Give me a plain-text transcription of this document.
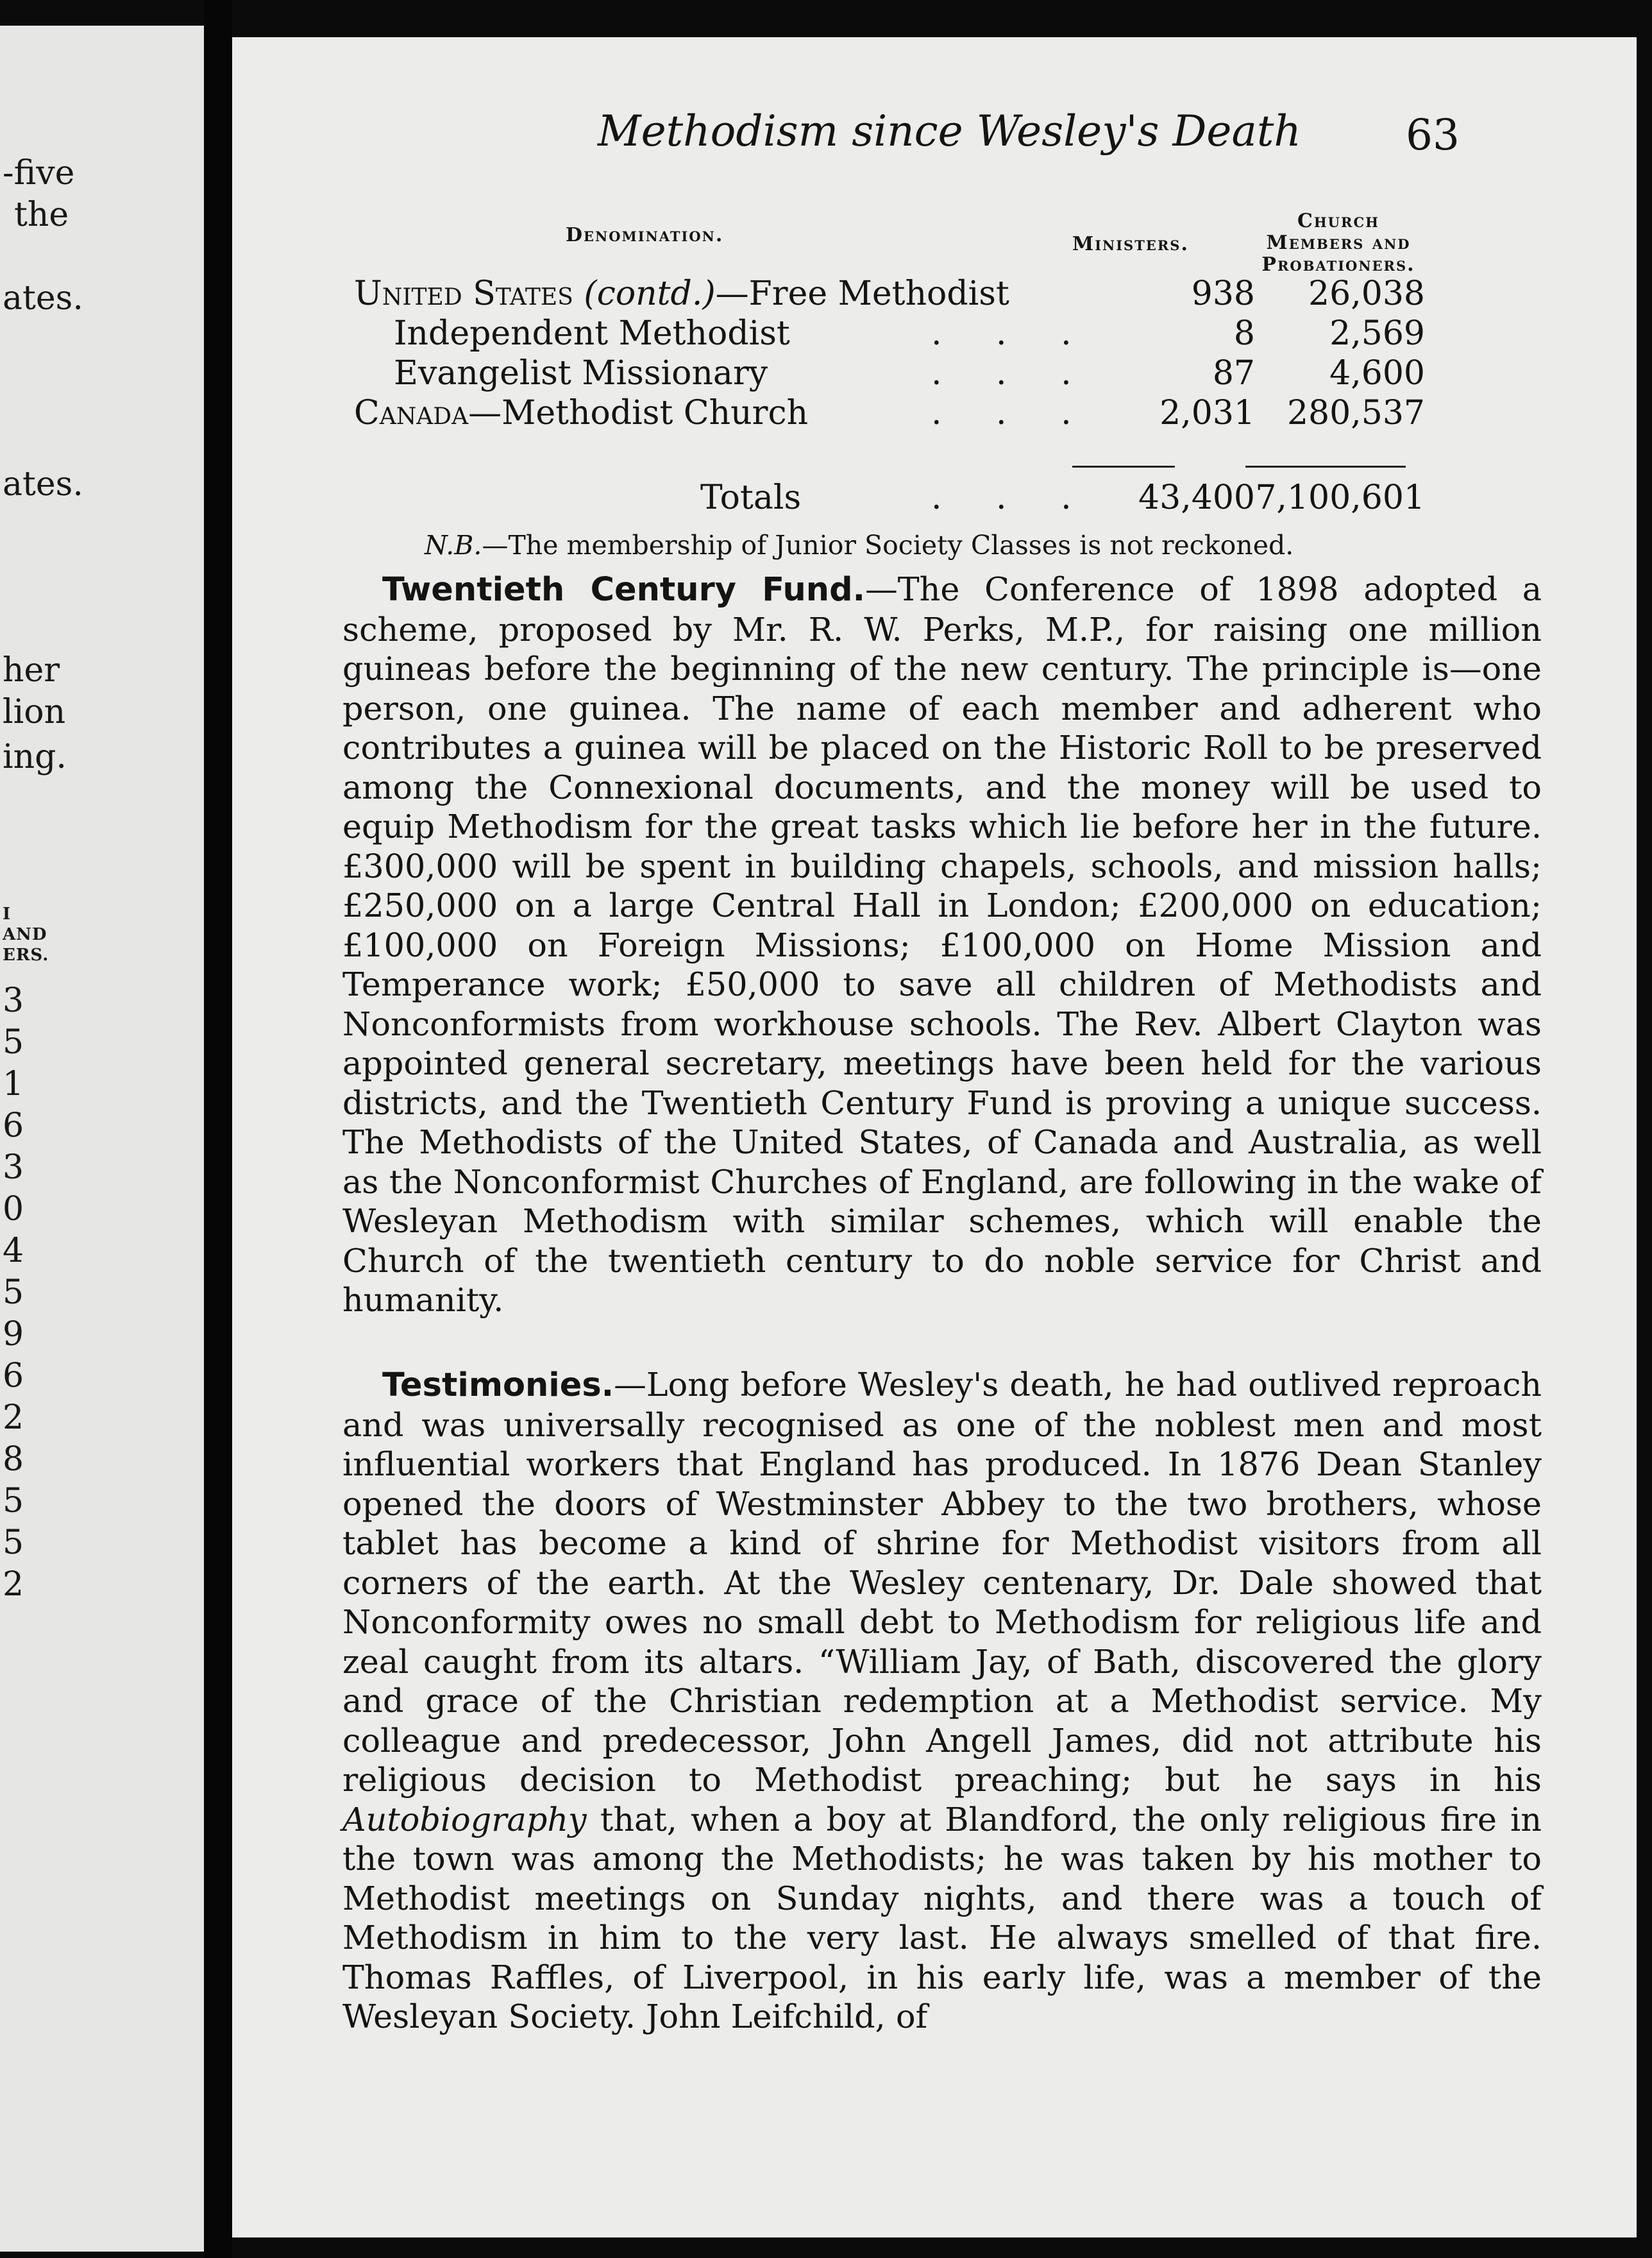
-five
the
ates.
ates.
her
lion
ing.
I
AND
ERS.
3
5
1
6
3
0
4
5
9
6
2
8
5
5
2
Methodism since Wesley's Death 63
Denomination.	Ministers.
Church
Members and
Probationers.
United States (contd.)—Free Methodist	938 26,038
Independent Methodist	. . .	8 2,569
Evangelist Missionary	. . .	87 4,600
Canada—Methodist Church	. . . 2,031 280,537
Totals	. . . 43,400 7,100,601
N.B.—The membership of Junior Society Classes is not reckoned.
Twentieth Century Fund.—The Conference of 1898 adopted a scheme, proposed by Mr. R. W. Perks, M.P., for raising one million guineas before the beginning of the new century. The principle is—one person, one guinea. The name of each member and adherent who contributes a guinea will be placed on the Historic Roll to be preserved among the Connexional documents, and the money will be used to equip Methodism for the great tasks which lie before her in the future. £300,000 will be spent in building chapels, schools, and mission halls; £250,000 on a large Central Hall in London; £200,000 on education; £100,000 on Foreign Missions; £100,000 on Home Mission and Temperance work; £50,000 to save all children of Methodists and Nonconformists from workhouse schools. The Rev. Albert Clayton was appointed general secretary, meetings have been held for the various districts, and the Twentieth Century Fund is proving a unique success. The Methodists of the United States, of Canada and Australia, as well as the Nonconformist Churches of England, are following in the wake of Wesleyan Methodism with similar schemes, which will enable the Church of the twentieth century to do noble service for Christ and humanity.
Testimonies.—Long before Wesley's death, he had outlived reproach and was universally recognised as one of the noblest men and most influential workers that England has produced. In 1876 Dean Stanley opened the doors of Westminster Abbey to the two brothers, whose tablet has become a kind of shrine for Methodist visitors from all corners of the earth. At the Wesley centenary, Dr. Dale showed that Nonconformity owes no small debt to Methodism for religious life and zeal caught from its altars. “William Jay, of Bath, discovered the glory and grace of the Christian redemption at a Methodist service. My colleague and predecessor, John Angell James, did not attribute his religious decision to Methodist preaching; but he says in his Autobiography that, when a boy at Blandford, the only religious fire in the town was among the Methodists; he was taken by his mother to Methodist meetings on Sunday nights, and there was a touch of Methodism in him to the very last. He always smelled of that fire. Thomas Raffles, of Liverpool, in his early life, was a member of the Wesleyan Society. John Leifchild, of
